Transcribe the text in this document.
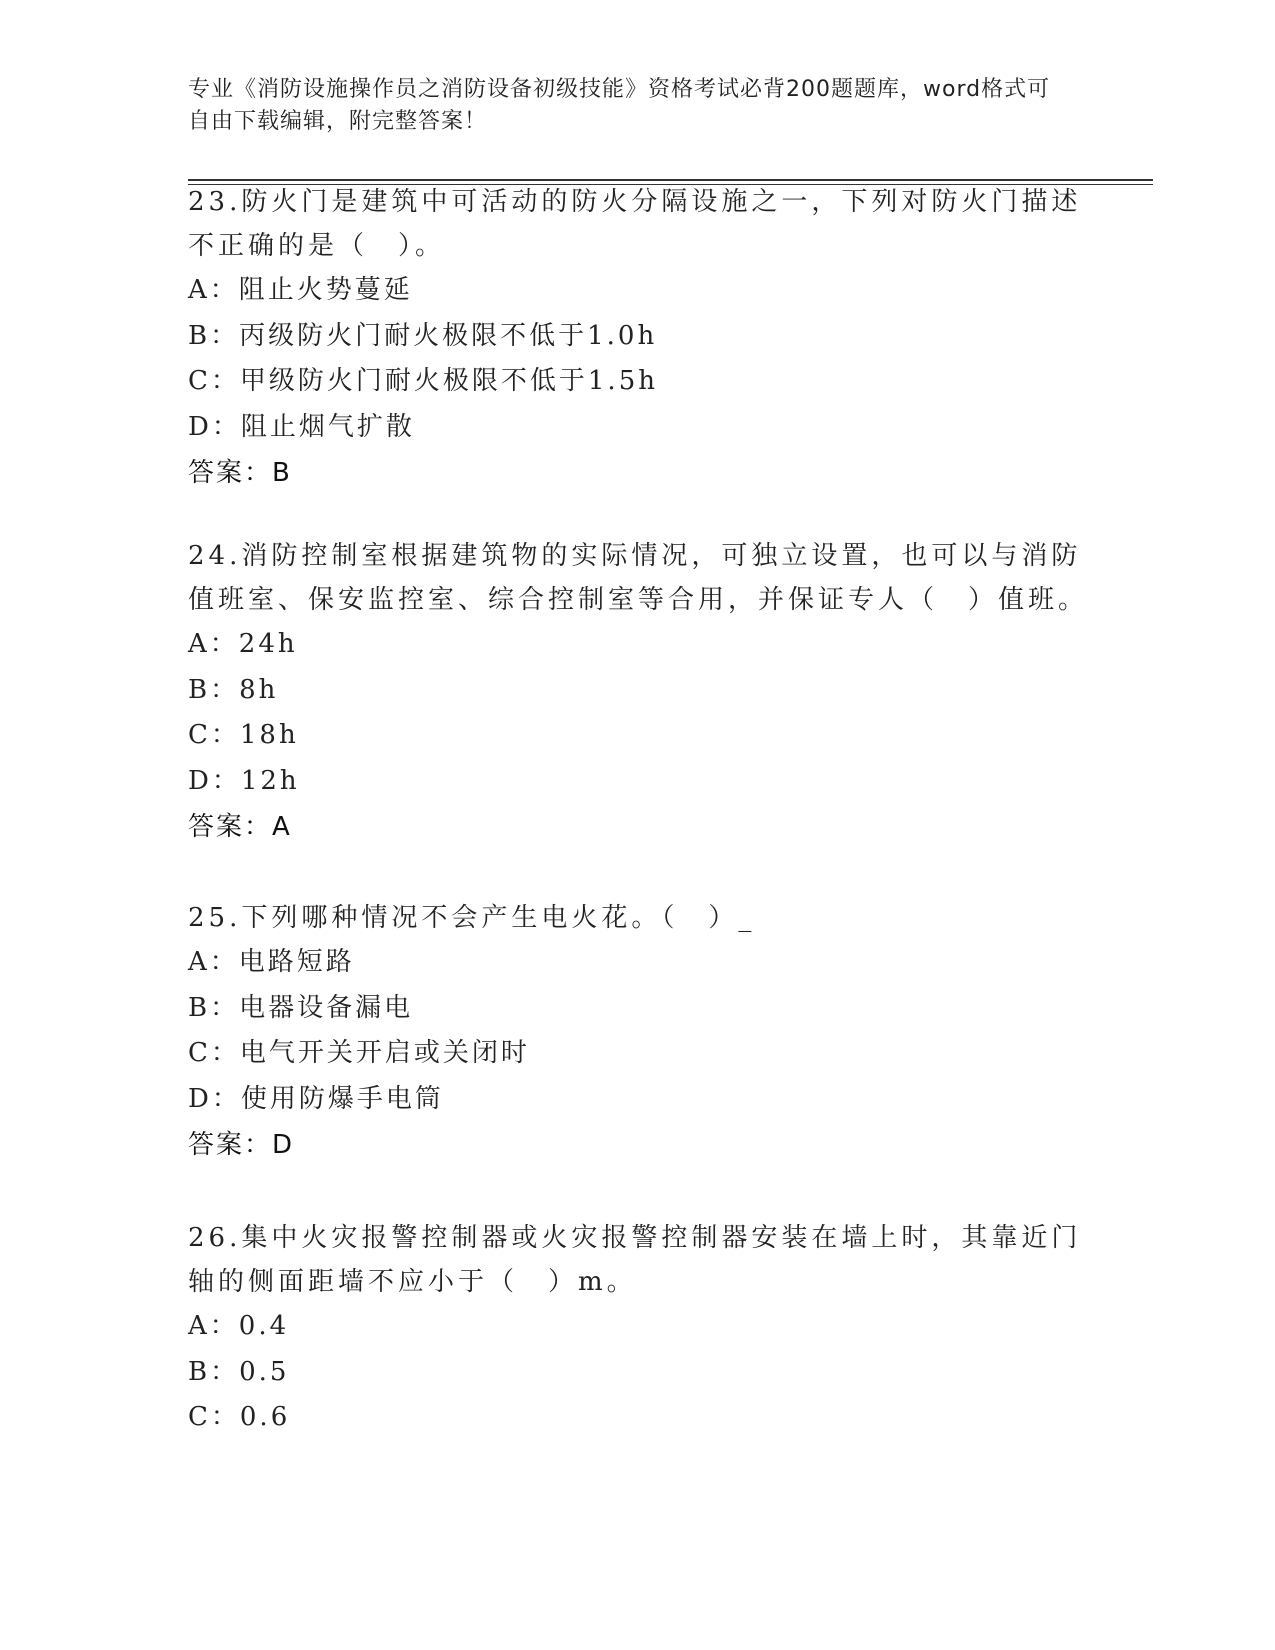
专业《消防设施操作员之消防设备初级技能》资格考试必背200题题库，word格式可自由下载编辑，附完整答案！

23.防火门是建筑中可活动的防火分隔设施之一，下列对防火门描述不正确的是（　）。

A：阻止火势蔓延

B：丙级防火门耐火极限不低于1.0h

C：甲级防火门耐火极限不低于1.5h

D：阻止烟气扩散

答案：B

24.消防控制室根据建筑物的实际情况，可独立设置，也可以与消防值班室、保安监控室、综合控制室等合用，并保证专人（　）值班。

A：24h

B：8h

C：18h

D：12h

答案：A

25.下列哪种情况不会产生电火花。（　）_

A：电路短路

B：电器设备漏电

C：电气开关开启或关闭时

D：使用防爆手电筒

答案：D

26.集中火灾报警控制器或火灾报警控制器安装在墙上时，其靠近门轴的侧面距墙不应小于（　）m。

A：0.4

B：0.5

C：0.6
